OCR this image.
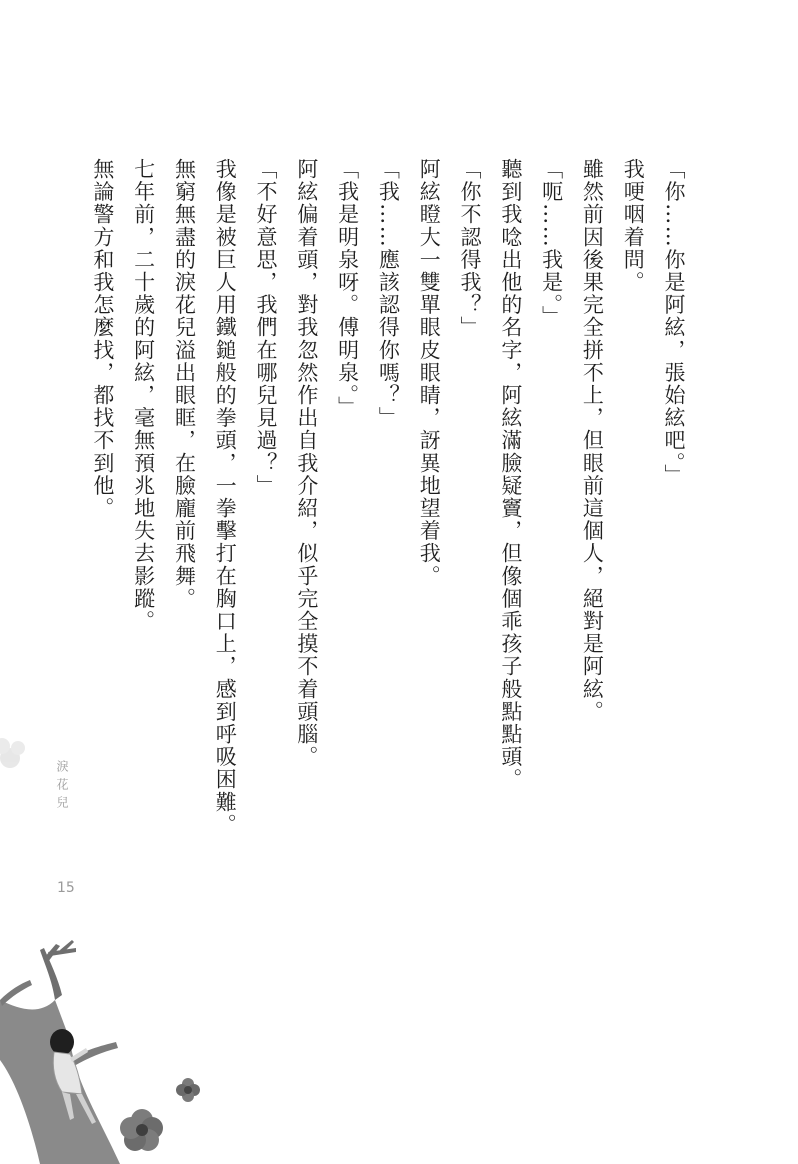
「你……你是阿絃，張始絃吧。」

我哽咽着問。

雖然前因後果完全拼不上，但眼前這個人，絕對是阿絃。

「呃……我是。」

聽到我唸出他的名字，阿絃滿臉疑竇，但像個乖孩子般點點頭。

「你不認得我？」

阿絃瞪大一雙單眼皮眼睛，訝異地望着我。

「我……應該認得你嗎？」

「我是明泉呀。傅明泉。」

阿絃偏着頭，對我忽然作出自我介紹，似乎完全摸不着頭腦。

「不好意思，我們在哪兒見過？」

我像是被巨人用鐵鎚般的拳頭，一拳擊打在胸口上，感到呼吸困難。

無窮無盡的淚花兒溢出眼眶，在臉龐前飛舞。

七年前，二十歲的阿絃，毫無預兆地失去影蹤。

無論警方和我怎麼找，都找不到他。

淚花兒
15
